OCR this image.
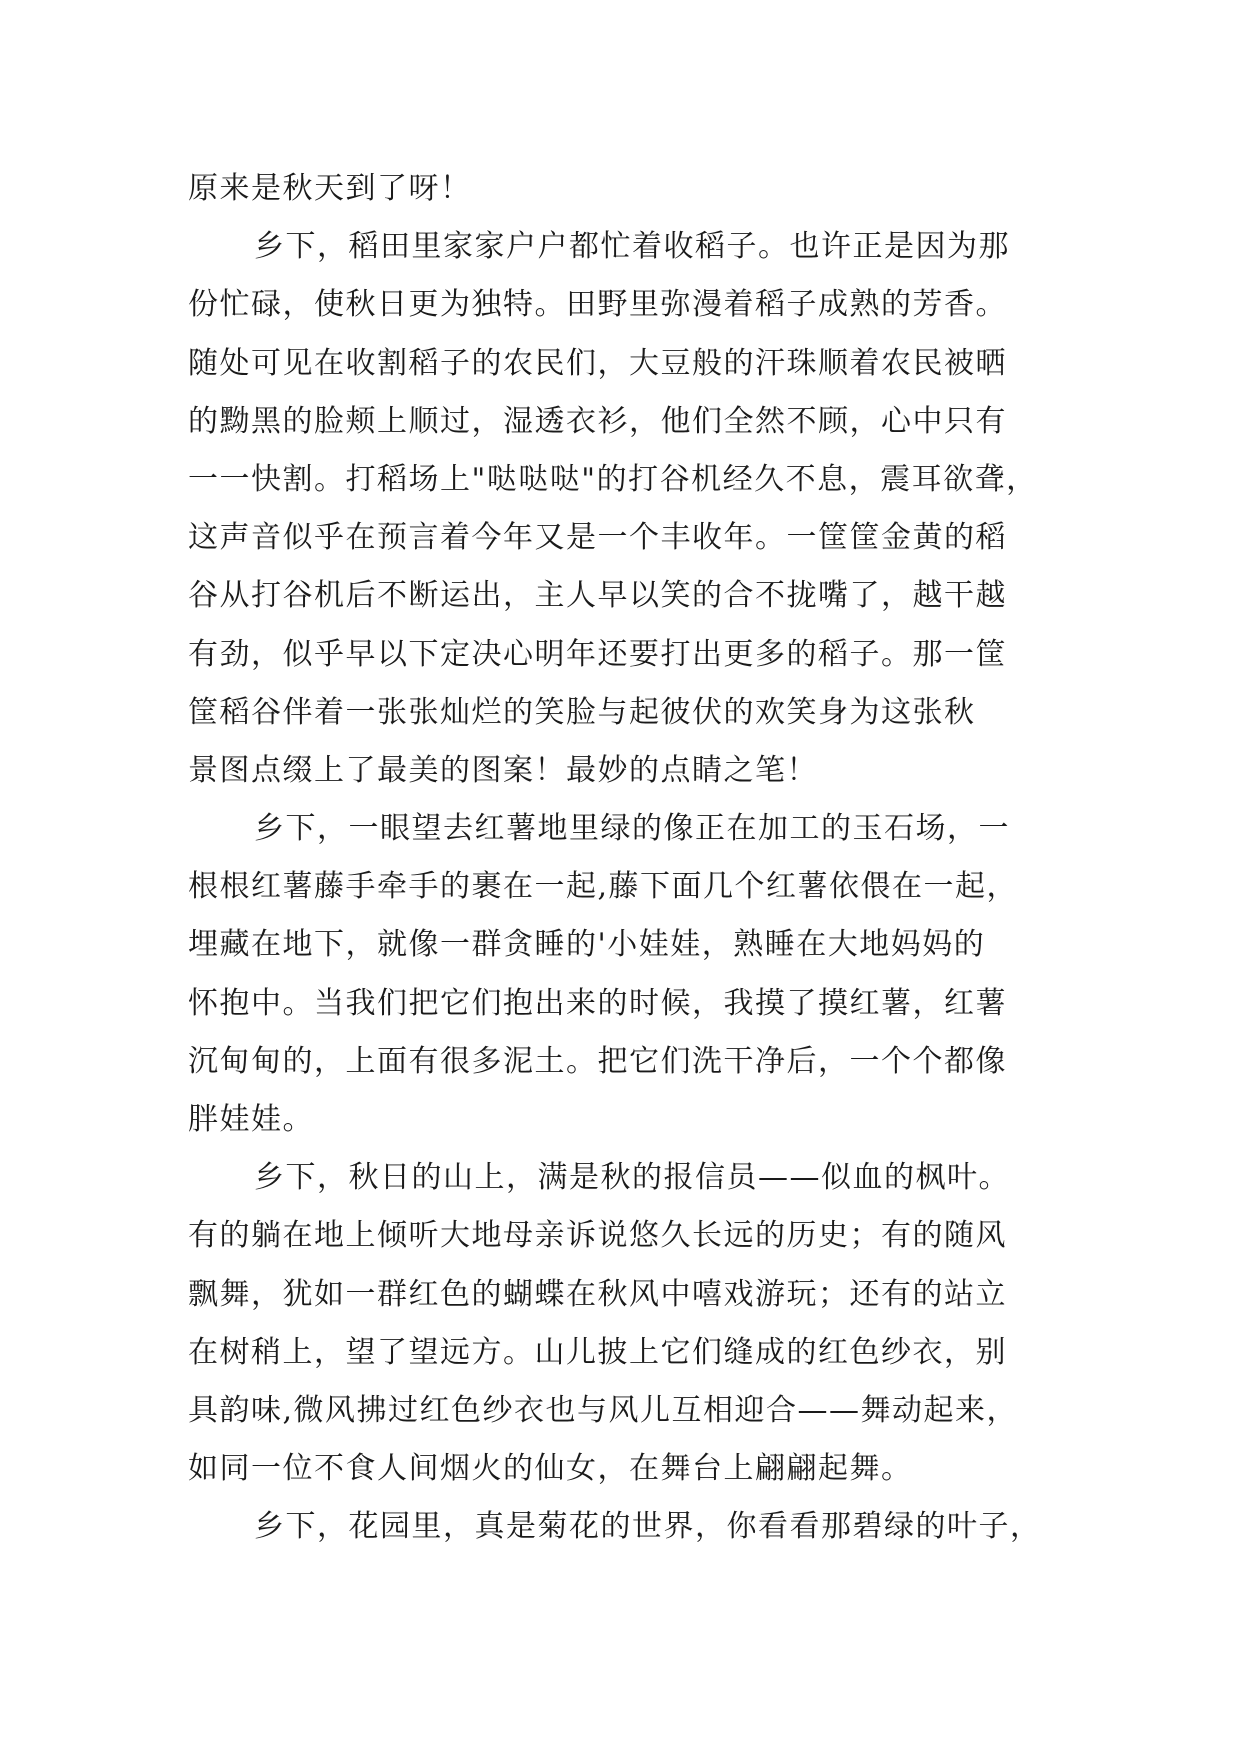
原来是秋天到了呀！
乡下，稻田里家家户户都忙着收稻子。也许正是因为那
份忙碌，使秋日更为独特。田野里弥漫着稻子成熟的芳香。
随处可见在收割稻子的农民们，大豆般的汗珠顺着农民被晒
的黝黑的脸颊上顺过，湿透衣衫，他们全然不顾，心中只有
一一快割。打稻场上"哒哒哒"的打谷机经久不息，震耳欲聋，
这声音似乎在预言着今年又是一个丰收年。一筐筐金黄的稻
谷从打谷机后不断运出，主人早以笑的合不拢嘴了，越干越
有劲，似乎早以下定决心明年还要打出更多的稻子。那一筐
筐稻谷伴着一张张灿烂的笑脸与起彼伏的欢笑身为这张秋
景图点缀上了最美的图案！最妙的点睛之笔！
乡下，一眼望去红薯地里绿的像正在加工的玉石场，一
根根红薯藤手牵手的裹在一起,藤下面几个红薯依偎在一起，
埋藏在地下，就像一群贪睡的'小娃娃，熟睡在大地妈妈的
怀抱中。当我们把它们抱出来的时候，我摸了摸红薯，红薯
沉甸甸的，上面有很多泥土。把它们洗干净后，一个个都像
胖娃娃。
乡下，秋日的山上，满是秋的报信员——似血的枫叶。
有的躺在地上倾听大地母亲诉说悠久长远的历史；有的随风
飘舞，犹如一群红色的蝴蝶在秋风中嘻戏游玩；还有的站立
在树稍上，望了望远方。山儿披上它们缝成的红色纱衣，别
具韵味,微风拂过红色纱衣也与风儿互相迎合——舞动起来，
如同一位不食人间烟火的仙女，在舞台上翩翩起舞。
乡下，花园里，真是菊花的世界，你看看那碧绿的叶子，
